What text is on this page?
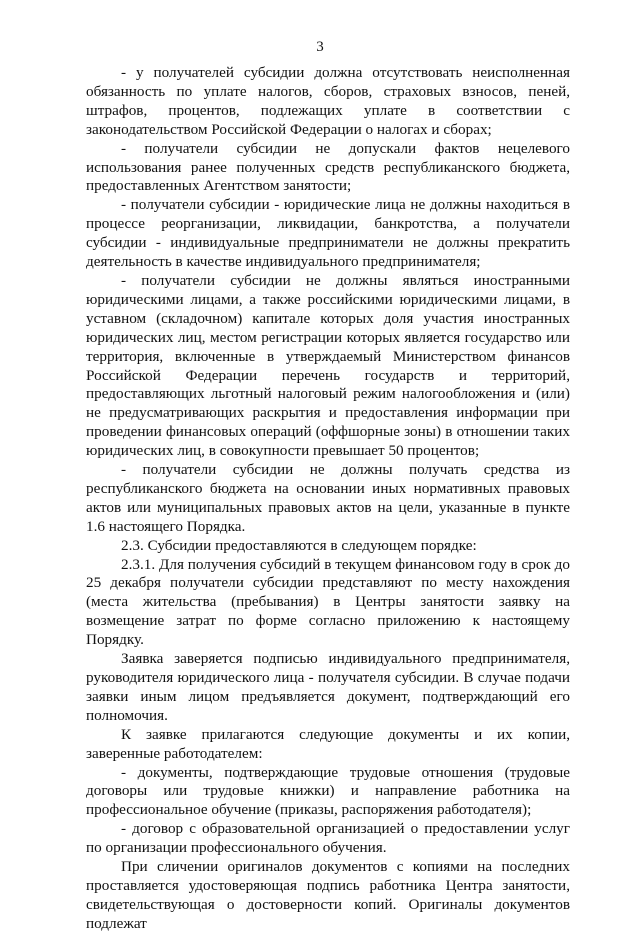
3

- у получателей субсидии должна отсутствовать неисполненная обязанность по уплате налогов, сборов, страховых взносов, пеней, штрафов, процентов, подлежащих уплате в соответствии с законодательством Российской Федерации о налогах и сборах;

- получатели субсидии не допускали фактов нецелевого использования ранее полученных средств республиканского бюджета, предоставленных Агентством занятости;

- получатели субсидии - юридические лица не должны находиться в процессе реорганизации, ликвидации, банкротства, а получатели субсидии - индивидуальные предприниматели не должны прекратить деятельность в качестве индивидуального предпринимателя;

- получатели субсидии не должны являться иностранными юридическими лицами, а также российскими юридическими лицами, в уставном (складочном) капитале которых доля участия иностранных юридических лиц, местом регистрации которых является государство или территория, включенные в утверждаемый Министерством финансов Российской Федерации перечень государств и территорий, предоставляющих льготный налоговый режим налогообложения и (или) не предусматривающих раскрытия и предоставления информации при проведении финансовых операций (оффшорные зоны) в отношении таких юридических лиц, в совокупности превышает 50 процентов;

- получатели субсидии не должны получать средства из республиканского бюджета на основании иных нормативных правовых актов или муниципальных правовых актов на цели, указанные в пункте 1.6 настоящего Порядка.

2.3. Субсидии предоставляются в следующем порядке:

2.3.1. Для получения субсидий в текущем финансовом году в срок до 25 декабря получатели субсидии представляют по месту нахождения (места жительства (пребывания) в Центры занятости заявку на возмещение затрат по форме согласно приложению к настоящему Порядку.

Заявка заверяется подписью индивидуального предпринимателя, руководителя юридического лица - получателя субсидии. В случае подачи заявки иным лицом предъявляется документ, подтверждающий его полномочия.

К заявке прилагаются следующие документы и их копии, заверенные работодателем:

- документы, подтверждающие трудовые отношения (трудовые договоры или трудовые книжки) и направление работника на профессиональное обучение (приказы, распоряжения работодателя);

- договор с образовательной организацией о предоставлении услуг по организации профессионального обучения.

При сличении оригиналов документов с копиями на последних проставляется удостоверяющая подпись работника Центра занятости, свидетельствующая о достоверности копий. Оригиналы документов подлежат
